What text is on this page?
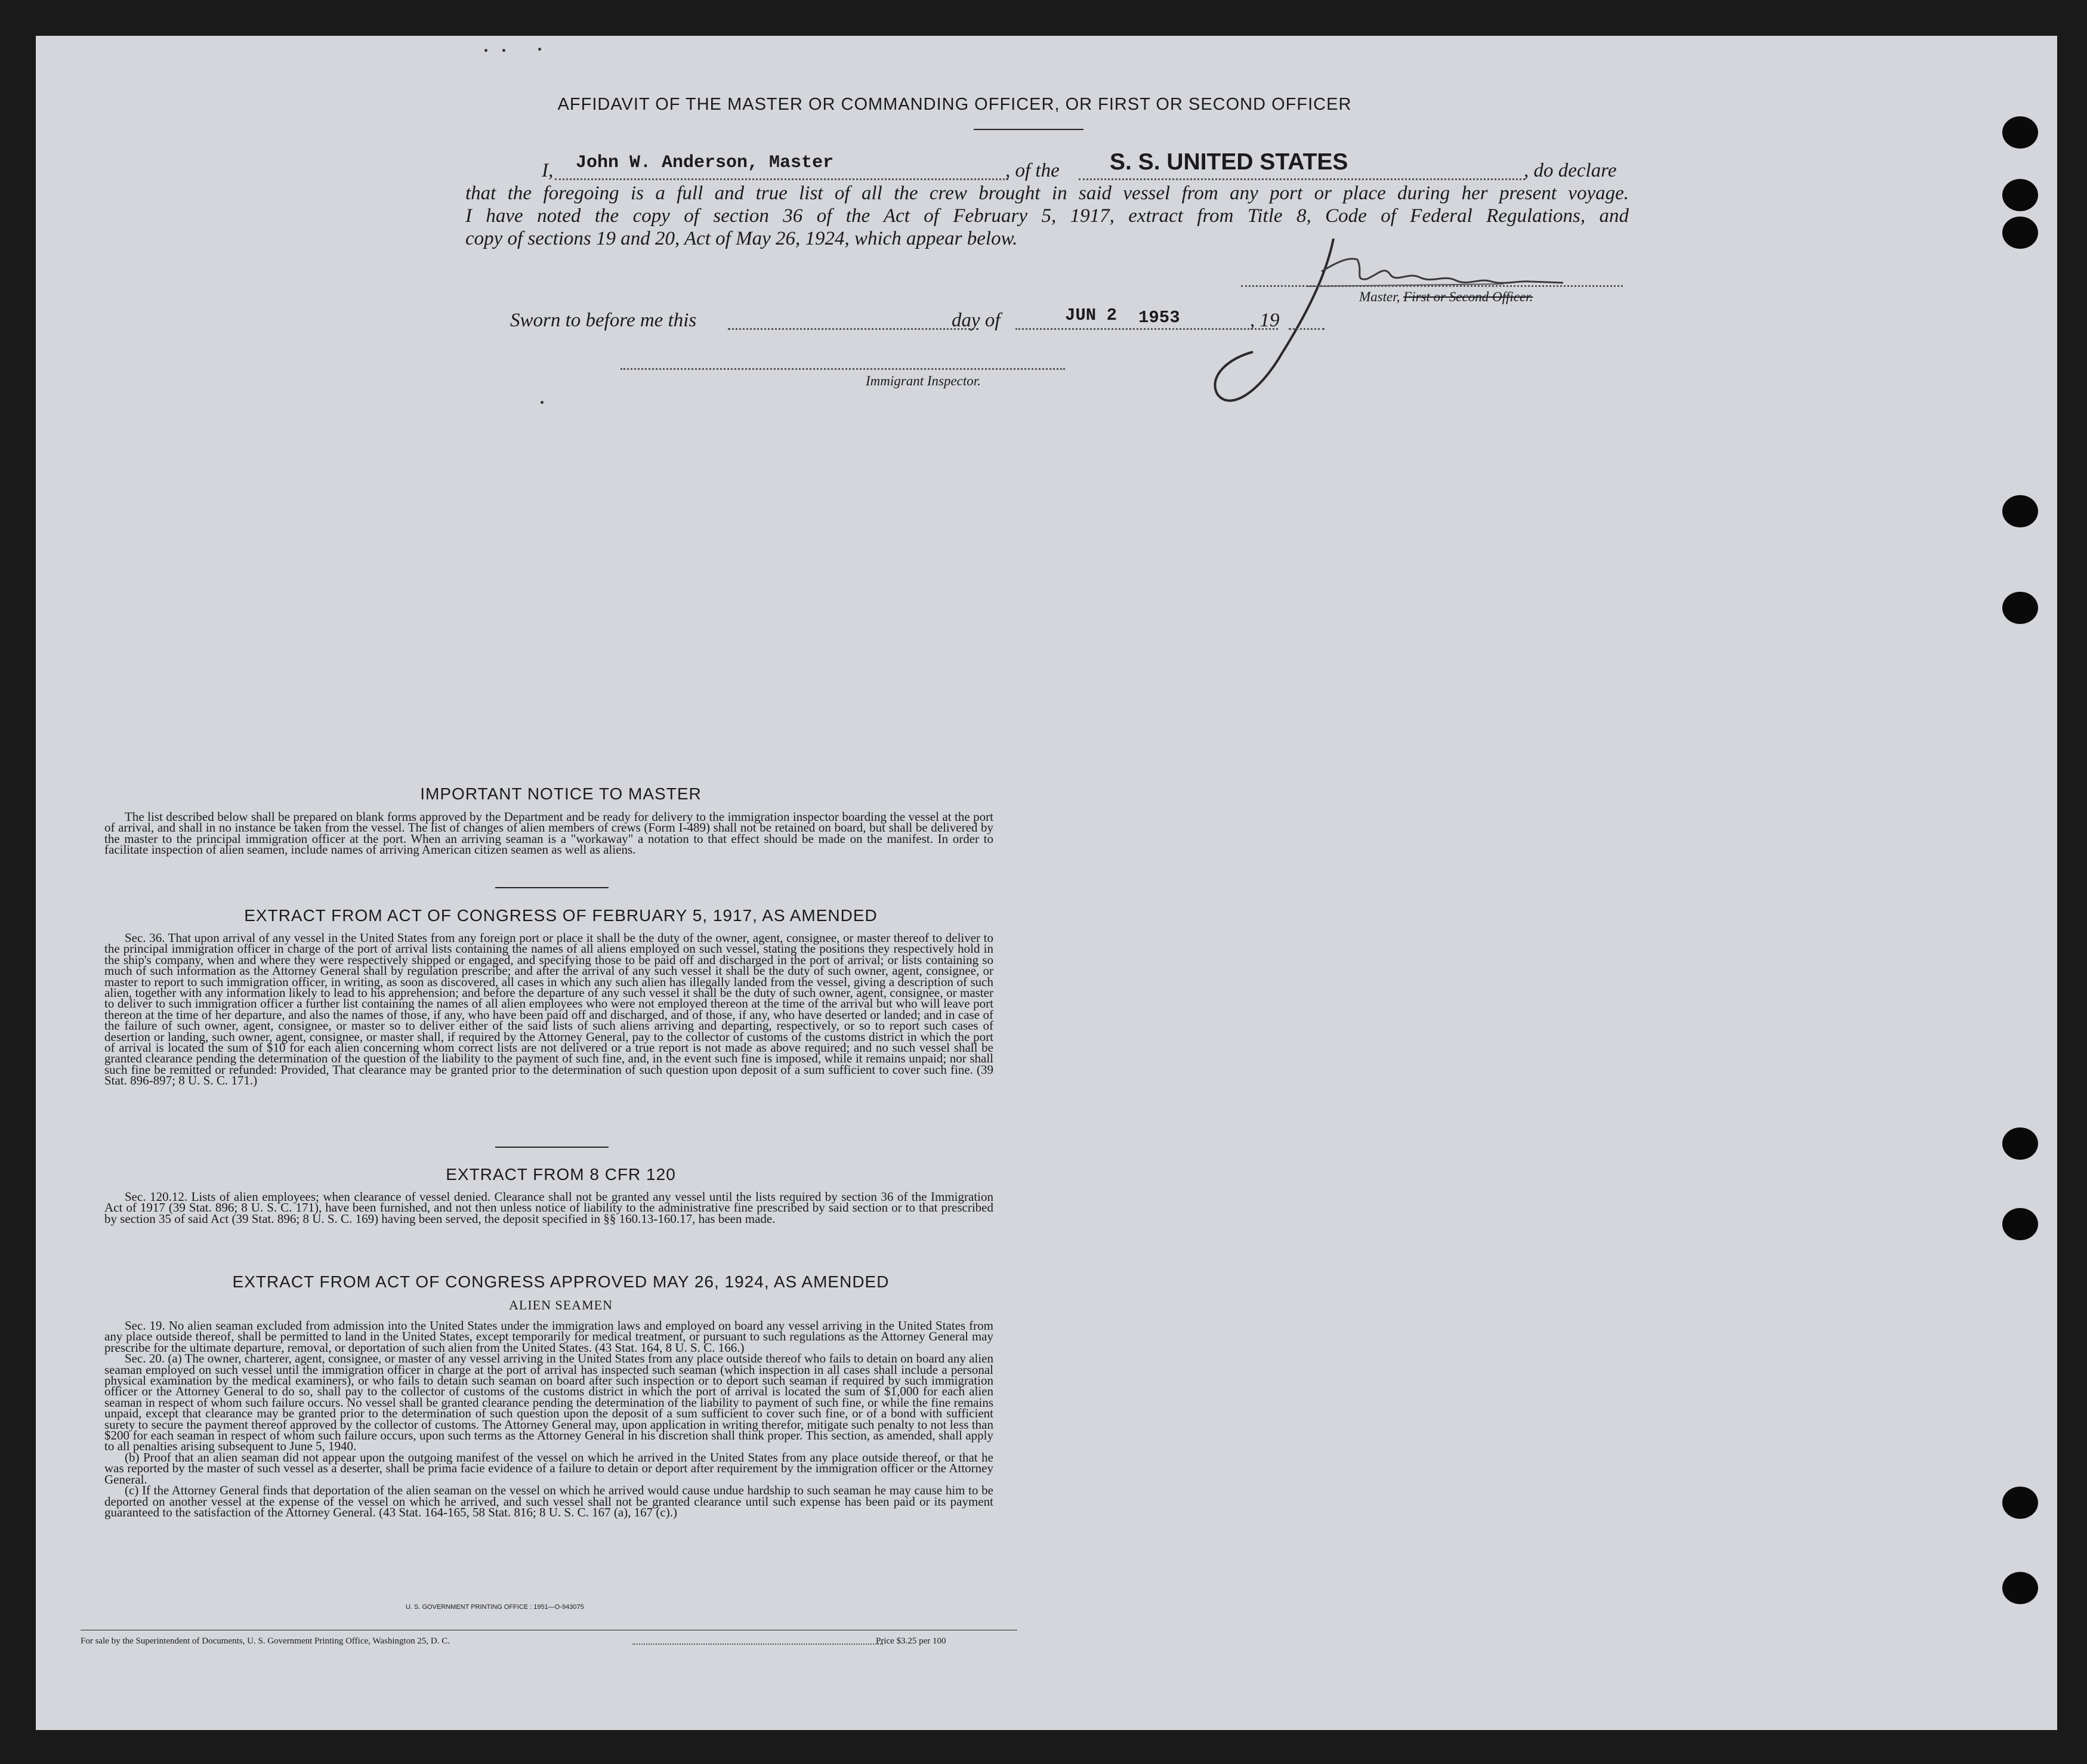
AFFIDAVIT OF THE MASTER OR COMMANDING OFFICER, OR FIRST OR SECOND OFFICER
I, John W. Anderson, Master	, of the S. S. UNITED STATES	, do declare
that the foregoing is a full and true list of all the crew brought in said vessel from any port or place during her present voyage.
I have noted the copy of section 36 of the Act of February 5, 1917, extract from Title 8, Code of Federal Regulations, and
copy of sections 19 and 20, Act of May 26, 1924, which appear below.
Master, First or Second Officer.
Sworn to before me this	day of	JUN 2 1953	, 19
Immigrant Inspector.
IMPORTANT NOTICE TO MASTER
The list described below shall be prepared on blank forms approved by the Department and be ready for delivery to the immigration inspector boarding the vessel at the port of arrival, and shall in no instance be taken from the vessel. The list of changes of alien members of crews (Form I-489) shall not be retained on board, but shall be delivered by the master to the principal immigration officer at the port. When an arriving seaman is a "workaway" a notation to that effect should be made on the manifest. In order to facilitate inspection of alien seamen, include names of arriving American citizen seamen as well as aliens.
EXTRACT FROM ACT OF CONGRESS OF FEBRUARY 5, 1917, AS AMENDED
Sec. 36. That upon arrival of any vessel in the United States from any foreign port or place it shall be the duty of the owner, agent, consignee, or master thereof to deliver to the principal immigration officer in charge of the port of arrival lists containing the names of all aliens employed on such vessel, stating the positions they respectively hold in the ship's company, when and where they were respectively shipped or engaged, and specifying those to be paid off and discharged in the port of arrival; or lists containing so much of such information as the Attorney General shall by regulation prescribe; and after the arrival of any such vessel it shall be the duty of such owner, agent, consignee, or master to report to such immigration officer, in writing, as soon as discovered, all cases in which any such alien has illegally landed from the vessel, giving a description of such alien, together with any information likely to lead to his apprehension; and before the departure of any such vessel it shall be the duty of such owner, agent, consignee, or master to deliver to such immigration officer a further list containing the names of all alien employees who were not employed thereon at the time of the arrival but who will leave port thereon at the time of her departure, and also the names of those, if any, who have been paid off and discharged, and of those, if any, who have deserted or landed; and in case of the failure of such owner, agent, consignee, or master so to deliver either of the said lists of such aliens arriving and departing, respectively, or so to report such cases of desertion or landing, such owner, agent, consignee, or master shall, if required by the Attorney General, pay to the collector of customs of the customs district in which the port of arrival is located the sum of $10 for each alien concerning whom correct lists are not delivered or a true report is not made as above required; and no such vessel shall be granted clearance pending the determination of the question of the liability to the payment of such fine, and, in the event such fine is imposed, while it remains unpaid; nor shall such fine be remitted or refunded: Provided, That clearance may be granted prior to the determination of such question upon deposit of a sum sufficient to cover such fine. (39 Stat. 896-897; 8 U. S. C. 171.)
EXTRACT FROM 8 CFR 120
Sec. 120.12. Lists of alien employees; when clearance of vessel denied. Clearance shall not be granted any vessel until the lists required by section 36 of the Immigration Act of 1917 (39 Stat. 896; 8 U. S. C. 171), have been furnished, and not then unless notice of liability to the administrative fine prescribed by said section or to that prescribed by section 35 of said Act (39 Stat. 896; 8 U. S. C. 169) having been served, the deposit specified in §§ 160.13-160.17, has been made.
EXTRACT FROM ACT OF CONGRESS APPROVED MAY 26, 1924, AS AMENDED
ALIEN SEAMEN

Sec. 19. No alien seaman excluded from admission into the United States under the immigration laws and employed on board any vessel arriving in the United States from any place outside thereof, shall be permitted to land in the United States, except temporarily for medical treatment, or pursuant to such regulations as the Attorney General may prescribe for the ultimate departure, removal, or deportation of such alien from the United States. (43 Stat. 164, 8 U. S. C. 166.)

Sec. 20. (a) The owner, charterer, agent, consignee, or master of any vessel arriving in the United States from any place outside thereof who fails to detain on board any alien seaman employed on such vessel until the immigration officer in charge at the port of arrival has inspected such seaman (which inspection in all cases shall include a personal physical examination by the medical examiners), or who fails to detain such seaman on board after such inspection or to deport such seaman if required by such immigration officer or the Attorney General to do so, shall pay to the collector of customs of the customs district in which the port of arrival is located the sum of $1,000 for each alien seaman in respect of whom such failure occurs. No vessel shall be granted clearance pending the determination of the liability to payment of such fine, or while the fine remains unpaid, except that clearance may be granted prior to the determination of such question upon the deposit of a sum sufficient to cover such fine, or of a bond with sufficient surety to secure the payment thereof approved by the collector of customs. The Attorney General may, upon application in writing therefor, mitigate such penalty to not less than $200 for each seaman in respect of whom such failure occurs, upon such terms as the Attorney General in his discretion shall think proper. This section, as amended, shall apply to all penalties arising subsequent to June 5, 1940.

(b) Proof that an alien seaman did not appear upon the outgoing manifest of the vessel on which he arrived in the United States from any place outside thereof, or that he was reported by the master of such vessel as a deserter, shall be prima facie evidence of a failure to detain or deport after requirement by the immigration officer or the Attorney General.

(c) If the Attorney General finds that deportation of the alien seaman on the vessel on which he arrived would cause undue hardship to such seaman he may cause him to be deported on another vessel at the expense of the vessel on which he arrived, and such vessel shall not be granted clearance until such expense has been paid or its payment guaranteed to the satisfaction of the Attorney General. (43 Stat. 164-165, 58 Stat. 816; 8 U. S. C. 167 (a), 167 (c).)

U. S. GOVERNMENT PRINTING OFFICE : 1951—O-943075
For sale by the Superintendent of Documents, U. S. Government Printing Office, Washington 25, D. C.	Price $3.25 per 100
